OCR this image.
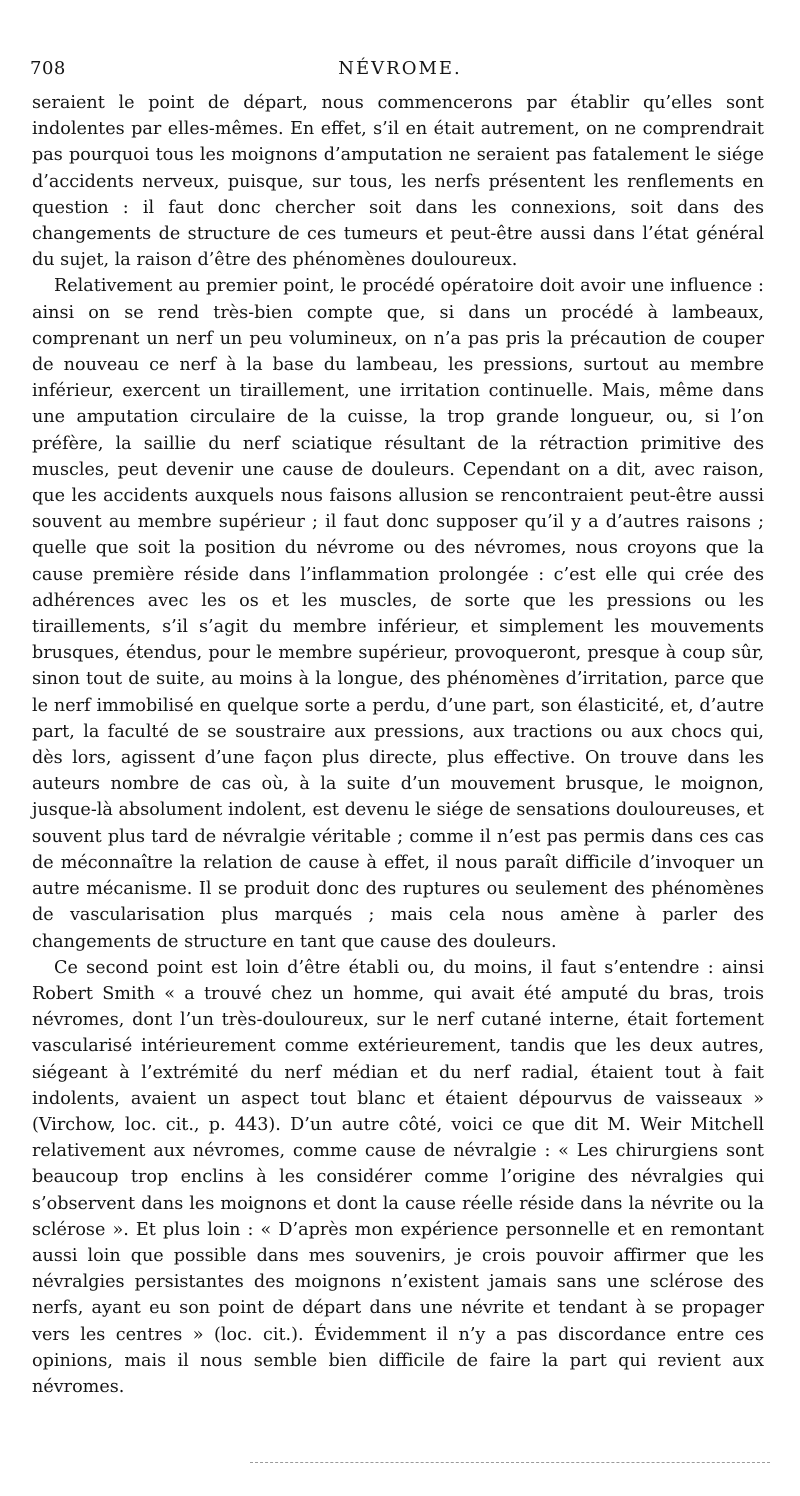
708	NÉVROME.

seraient le point de départ, nous commencerons par établir qu’elles sont indolentes par elles-mêmes. En effet, s’il en était autrement, on ne comprendrait pas pourquoi tous les moignons d’amputation ne seraient pas fatalement le siége d’accidents nerveux, puisque, sur tous, les nerfs présentent les renflements en question : il faut donc chercher soit dans les connexions, soit dans des changements de structure de ces tumeurs et peut-être aussi dans l’état général du sujet, la raison d’être des phénomènes douloureux.

Relativement au premier point, le procédé opératoire doit avoir une influence : ainsi on se rend très-bien compte que, si dans un procédé à lambeaux, comprenant un nerf un peu volumineux, on n’a pas pris la précaution de couper de nouveau ce nerf à la base du lambeau, les pressions, surtout au membre inférieur, exercent un tiraillement, une irritation continuelle. Mais, même dans une amputation circulaire de la cuisse, la trop grande longueur, ou, si l’on préfère, la saillie du nerf sciatique résultant de la rétraction primitive des muscles, peut devenir une cause de douleurs. Cependant on a dit, avec raison, que les accidents auxquels nous faisons allusion se rencontraient peut-être aussi souvent au membre supérieur ; il faut donc supposer qu’il y a d’autres raisons ; quelle que soit la position du névrome ou des névromes, nous croyons que la cause première réside dans l’inflammation prolongée : c’est elle qui crée des adhérences avec les os et les muscles, de sorte que les pressions ou les tiraillements, s’il s’agit du membre inférieur, et simplement les mouvements brusques, étendus, pour le membre supérieur, provoqueront, presque à coup sûr, sinon tout de suite, au moins à la longue, des phénomènes d’irritation, parce que le nerf immobilisé en quelque sorte a perdu, d’une part, son élasticité, et, d’autre part, la faculté de se soustraire aux pressions, aux tractions ou aux chocs qui, dès lors, agissent d’une façon plus directe, plus effective. On trouve dans les auteurs nombre de cas où, à la suite d’un mouvement brusque, le moignon, jusque-là absolument indolent, est devenu le siége de sensations douloureuses, et souvent plus tard de névralgie véritable ; comme il n’est pas permis dans ces cas de méconnaître la relation de cause à effet, il nous paraît difficile d’invoquer un autre mécanisme. Il se produit donc des ruptures ou seulement des phénomènes de vascularisation plus marqués ; mais cela nous amène à parler des changements de structure en tant que cause des douleurs.

Ce second point est loin d’être établi ou, du moins, il faut s’entendre : ainsi Robert Smith « a trouvé chez un homme, qui avait été amputé du bras, trois névromes, dont l’un très-douloureux, sur le nerf cutané interne, était fortement vascularisé intérieurement comme extérieurement, tandis que les deux autres, siégeant à l’extrémité du nerf médian et du nerf radial, étaient tout à fait indolents, avaient un aspect tout blanc et étaient dépourvus de vaisseaux » (Virchow, loc. cit., p. 443). D’un autre côté, voici ce que dit M. Weir Mitchell relativement aux névromes, comme cause de névralgie : « Les chirurgiens sont beaucoup trop enclins à les considérer comme l’origine des névralgies qui s’observent dans les moignons et dont la cause réelle réside dans la névrite ou la sclérose ». Et plus loin : « D’après mon expérience personnelle et en remontant aussi loin que possible dans mes souvenirs, je crois pouvoir affirmer que les névralgies persistantes des moignons n’existent jamais sans une sclérose des nerfs, ayant eu son point de départ dans une névrite et tendant à se propager vers les centres » (loc. cit.). Évidemment il n’y a pas discordance entre ces opinions, mais il nous semble bien difficile de faire la part qui revient aux névromes.
